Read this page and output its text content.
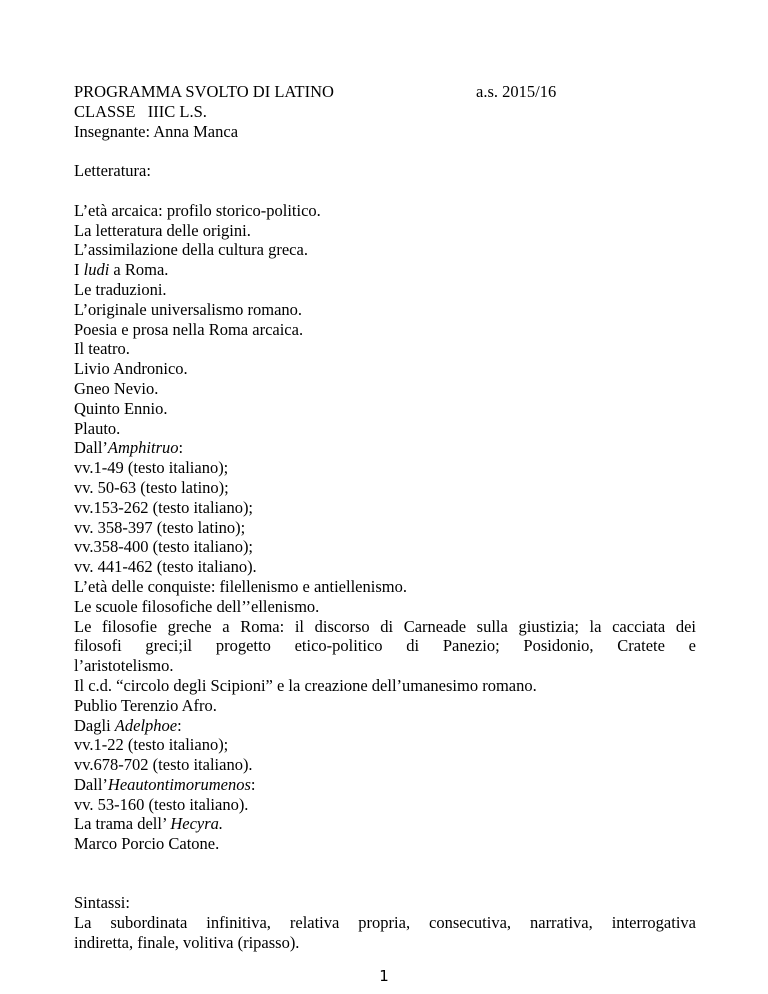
PROGRAMMA SVOLTO DI LATINO	a.s. 2015/16
CLASSE   IIIC L.S.
Insegnante: Anna Manca
Letteratura:
L’età arcaica: profilo storico-politico.
La letteratura delle origini.
L’assimilazione della cultura greca.
I ludi a Roma.
Le traduzioni.
L’originale universalismo romano.
Poesia e prosa nella Roma arcaica.
Il teatro.
Livio Andronico.
Gneo Nevio.
Quinto Ennio.
Plauto.
Dall’Amphitruo:
vv.1-49 (testo italiano);
vv. 50-63 (testo latino);
vv.153-262 (testo italiano);
vv. 358-397 (testo latino);
vv.358-400 (testo italiano);
vv. 441-462 (testo italiano).
L’età delle conquiste: filellenismo e antiellenismo.
Le scuole filosofiche dell’’ellenismo.
Le filosofie greche a Roma: il discorso di Carneade sulla giustizia; la cacciata dei
filosofi greci;il progetto etico-politico di Panezio; Posidonio, Cratete e
l’aristotelismo.
Il c.d. “circolo degli Scipioni” e la creazione dell’umanesimo romano.
Publio Terenzio Afro.
Dagli Adelphoe:
vv.1-22 (testo italiano);
vv.678-702 (testo italiano).
Dall’Heautontimorumenos:
vv. 53-160 (testo italiano).
La trama dell’ Hecyra.
Marco Porcio Catone.
Sintassi:
La subordinata infinitiva, relativa propria, consecutiva, narrativa, interrogativa
indiretta, finale, volitiva (ripasso).
1
